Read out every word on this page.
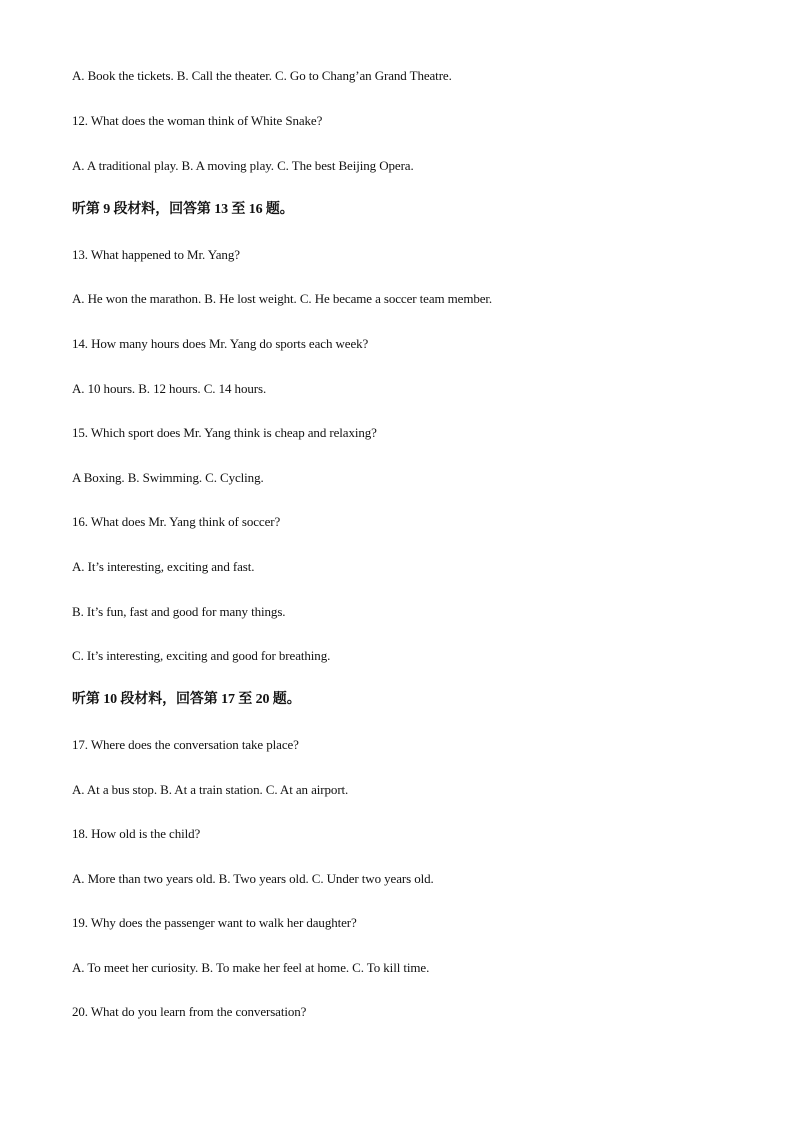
A. Book the tickets. B. Call the theater. C. Go to Chang’an Grand Theatre.
12. What does the woman think of White Snake?
A. A traditional play. B. A moving play. C. The best Beijing Opera.
听第 9 段材料，回答第 13 至 16 题。
13. What happened to Mr. Yang?
A. He won the marathon. B. He lost weight. C. He became a soccer team member.
14. How many hours does Mr. Yang do sports each week?
A. 10 hours. B. 12 hours. C. 14 hours.
15. Which sport does Mr. Yang think is cheap and relaxing?
A Boxing. B. Swimming. C. Cycling.
16. What does Mr. Yang think of soccer?
A. It’s interesting, exciting and fast.
B. It’s fun, fast and good for many things.
C. It’s interesting, exciting and good for breathing.
听第 10 段材料，回答第 17 至 20 题。
17. Where does the conversation take place?
A. At a bus stop. B. At a train station. C. At an airport.
18. How old is the child?
A. More than two years old. B. Two years old. C. Under two years old.
19. Why does the passenger want to walk her daughter?
A. To meet her curiosity. B. To make her feel at home. C. To kill time.
20. What do you learn from the conversation?
